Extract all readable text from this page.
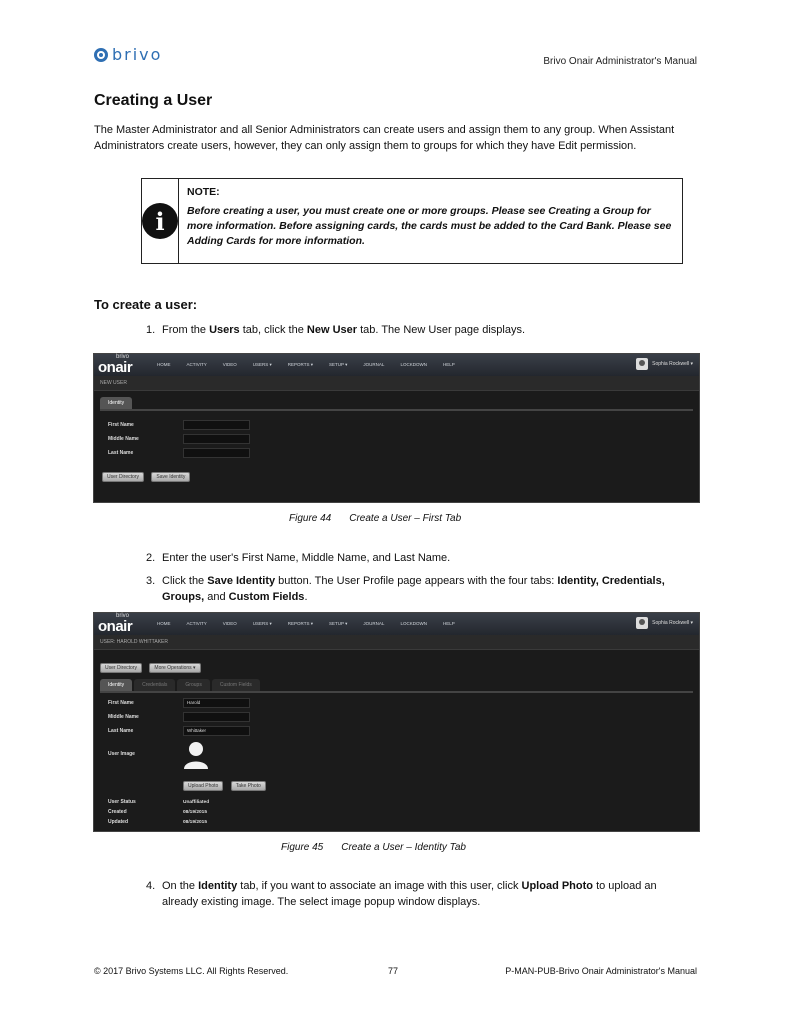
brivo	Brivo Onair Administrator's Manual
Creating a User

The Master Administrator and all Senior Administrators can create users and assign them to any group. When Assistant Administrators create users, however, they can only assign them to groups for which they have Edit permission.

i
NOTE:
Before creating a user, you must create one or more groups. Please see Creating a Group for more information. Before assigning cards, the cards must be added to the Card Bank. Please see Adding Cards for more information.
To create a user:
1. From the Users tab, click the New User tab. The New User page displays.
brivo
onair	HOME	ACTIVITY	VIDEO	USERS ▾	REPORTS ▾	SETUP ▾	JOURNAL	LOCKDOWN	HELP	Sophia Rockwell ▾
NEW USER
Identity
First Name
Middle Name
Last Name
User Directory	Save Identity
Figure 44 Create a User – First Tab
2. Enter the user's First Name, Middle Name, and Last Name.
3. Click the Save Identity button. The User Profile page appears with the four tabs: Identity, Credentials, Groups, and Custom Fields.
brivo
onair	HOME	ACTIVITY	VIDEO	USERS ▾	REPORTS ▾	SETUP ▾	JOURNAL	LOCKDOWN	HELP	Sophia Rockwell ▾
USER: HAROLD WHITTAKER
User Directory	More Operations ▾
Identity	Credentials	Groups	Custom Fields
First Name	Harold
Middle Name
Last Name	Whittaker
User Image
Upload Photo	Take Photo
User Status	Unaffiliated
Created	08/19/2015
Updated	08/19/2015
Figure 45 Create a User – Identity Tab
4. On the Identity tab, if you want to associate an image with this user, click Upload Photo to upload an already existing image. The select image popup window displays.
© 2017 Brivo Systems LLC. All Rights Reserved.	77	P-MAN-PUB-Brivo Onair Administrator's Manual
